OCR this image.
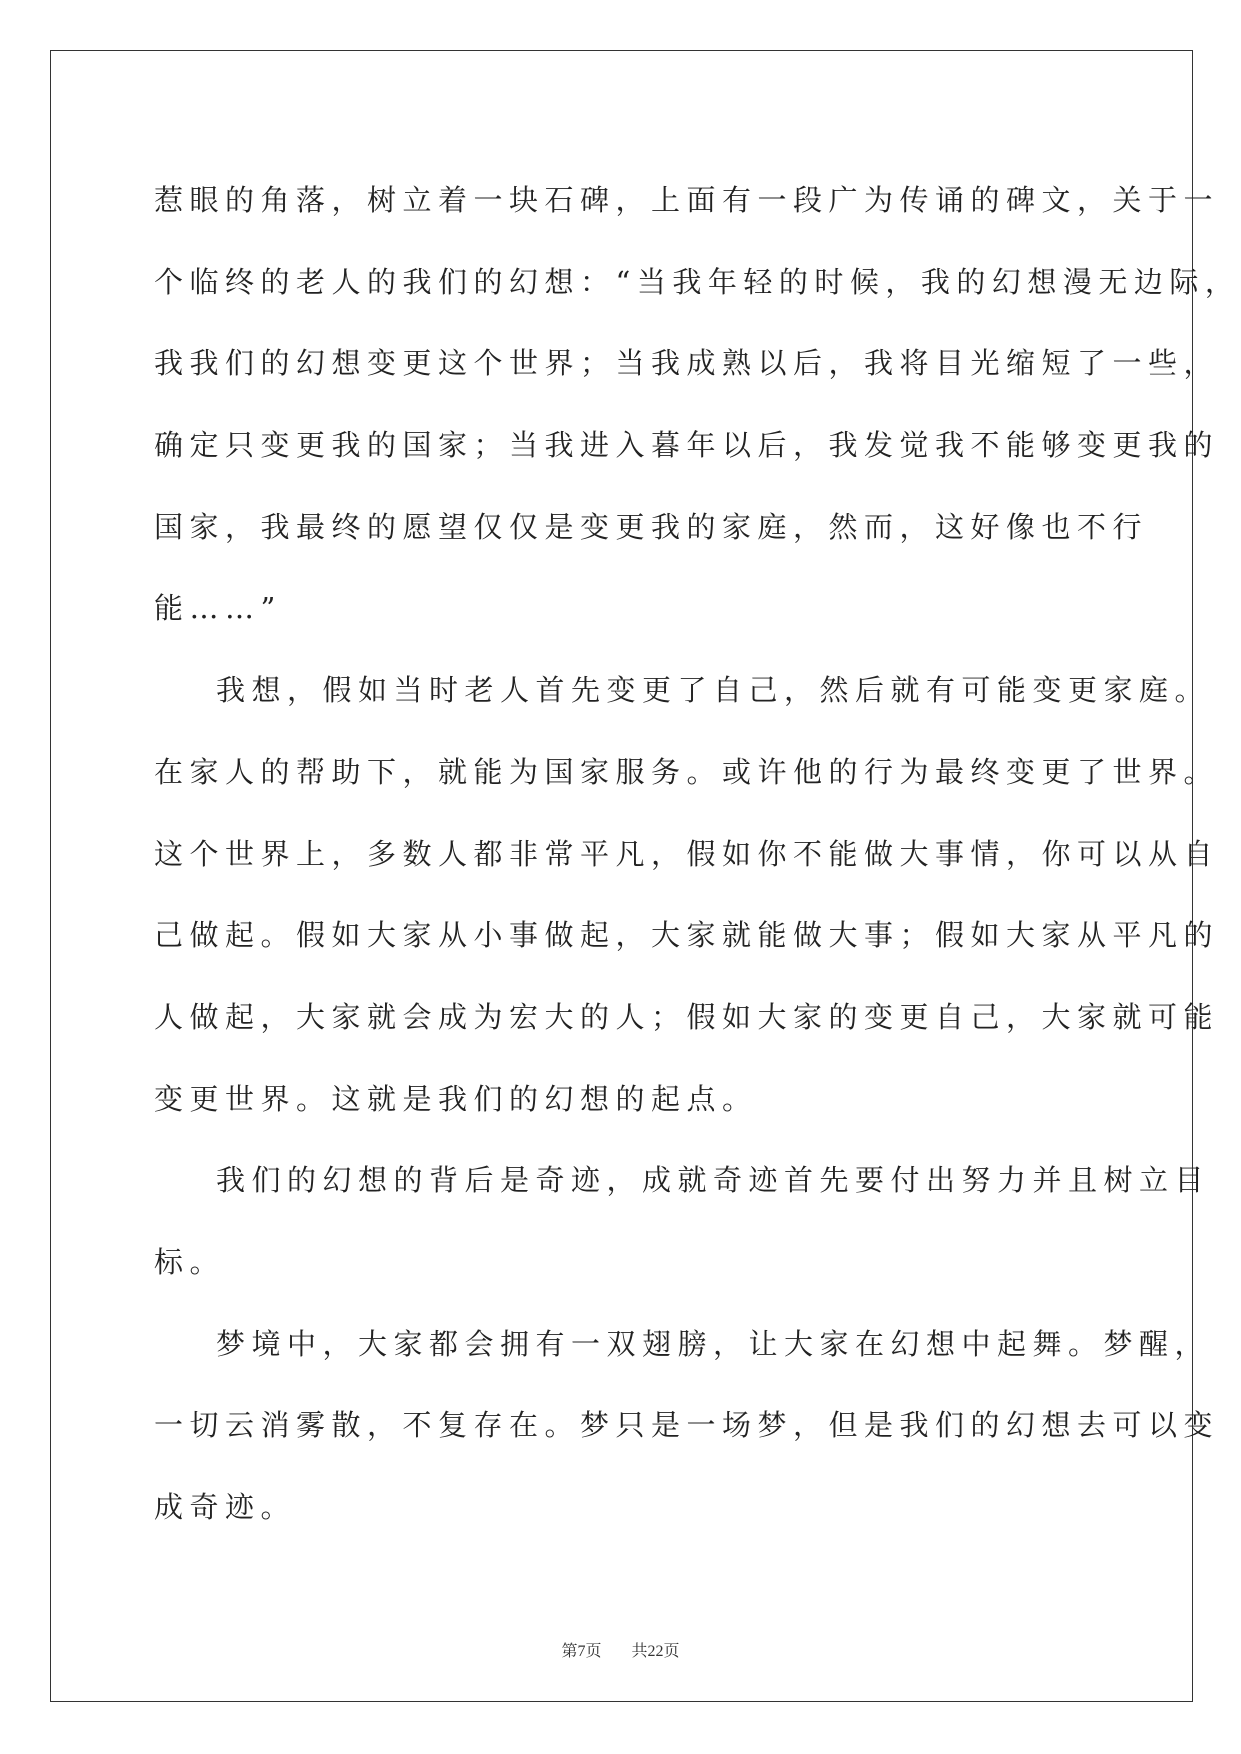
惹眼的角落，树立着一块石碑，上面有一段广为传诵的碑文，关于一
个临终的老人的我们的幻想：“当我年轻的时候，我的幻想漫无边际，
我我们的幻想变更这个世界；当我成熟以后，我将目光缩短了一些，
确定只变更我的国家；当我进入暮年以后，我发觉我不能够变更我的
国家，我最终的愿望仅仅是变更我的家庭，然而，这好像也不行
能……”
我想，假如当时老人首先变更了自己，然后就有可能变更家庭。
在家人的帮助下，就能为国家服务。或许他的行为最终变更了世界。
这个世界上，多数人都非常平凡，假如你不能做大事情，你可以从自
己做起。假如大家从小事做起，大家就能做大事；假如大家从平凡的
人做起，大家就会成为宏大的人；假如大家的变更自己，大家就可能
变更世界。这就是我们的幻想的起点。
我们的幻想的背后是奇迹，成就奇迹首先要付出努力并且树立目
标。
梦境中，大家都会拥有一双翅膀，让大家在幻想中起舞。梦醒，
一切云消雾散，不复存在。梦只是一场梦，但是我们的幻想去可以变
成奇迹。
第7页 共22页
